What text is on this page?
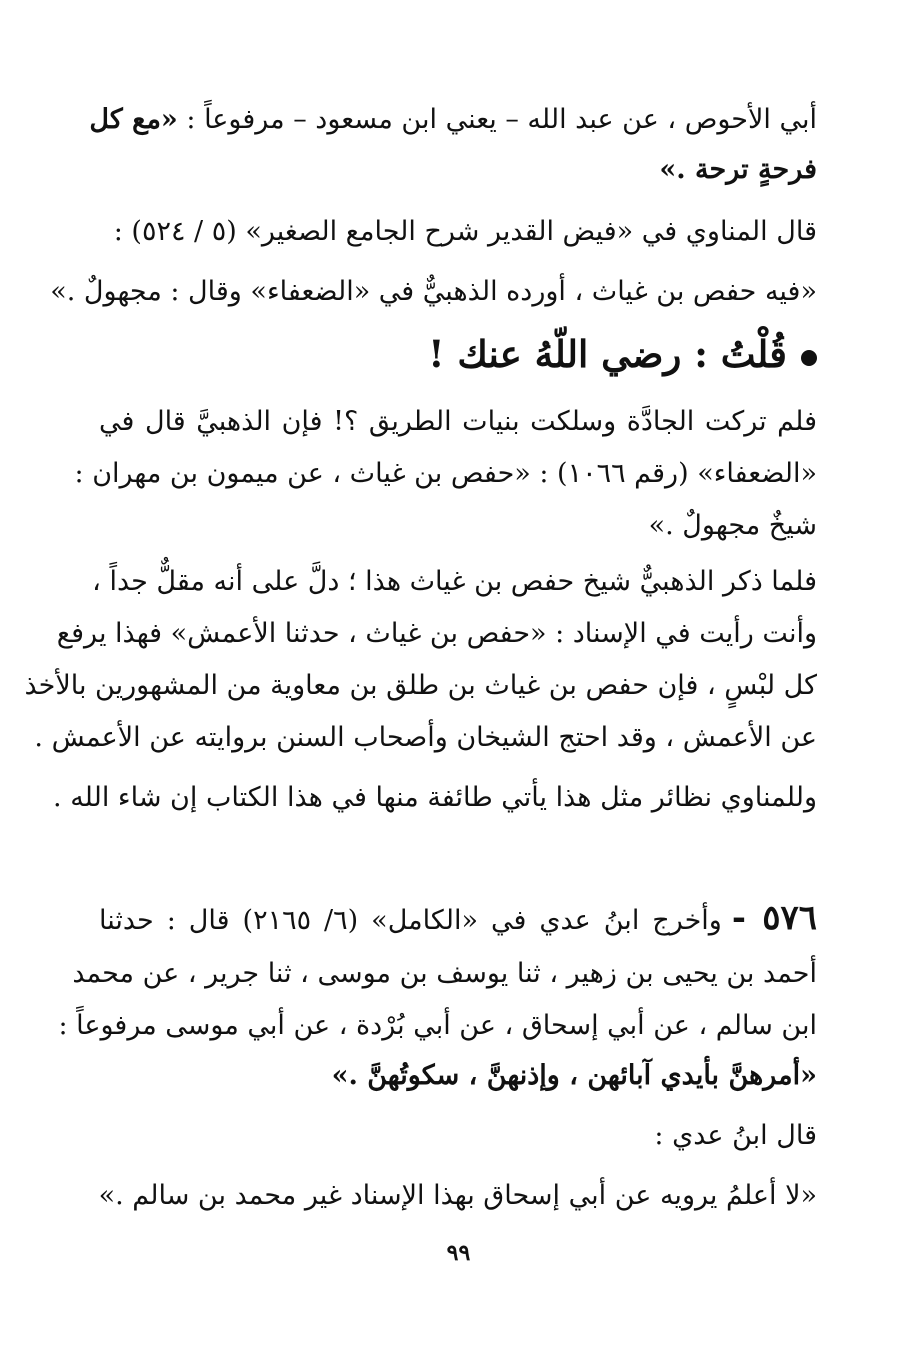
أبي الأحوص ، عن عبد الله – يعني ابن مسعود – مرفوعاً : «مع كل
فرحةٍ ترحة .»
قال المناوي في «فيض القدير شرح الجامع الصغير» (٥ / ٥٢٤) :
«فيه حفص بن غياث ، أورده الذهبيٌّ في «الضعفاء» وقال : مجهولٌ .»
قُلْتُ : رضي اللّهُ عنك !
فلم تركت الجادَّة وسلكت بنيات الطريق ؟! فإن الذهبيَّ قال في
«الضعفاء» (رقم ١٠٦٦) : «حفص بن غياث ، عن ميمون بن مهران :
شيخٌ مجهولٌ .»
فلما ذكر الذهبيٌّ شيخ حفص بن غياث هذا ؛ دلَّ على أنه مقلٌّ جداً ،
وأنت رأيت في الإسناد : «حفص بن غياث ، حدثنا الأعمش» فهذا يرفع
كل لبْسٍ ، فإن حفص بن غياث بن طلق بن معاوية من المشهورين بالأخذ
عن الأعمش ، وقد احتج الشيخان وأصحاب السنن بروايته عن الأعمش .
وللمناوي نظائر مثل هذا يأتي طائفة منها في هذا الكتاب إن شاء الله .
٥٧٦ -وأخرج ابنُ عدي في «الكامل» (٦/ ٢١٦٥) قال : حدثنا
أحمد بن يحيى بن زهير ، ثنا يوسف بن موسى ، ثنا جرير ، عن محمد
ابن سالم ، عن أبي إسحاق ، عن أبي بُرْدة ، عن أبي موسى مرفوعاً :
«أمرهنَّ بأيدي آبائهن ، وإذنهنَّ ، سكوتُهنَّ .»
قال ابنُ عدي :
«لا أعلمُ يرويه عن أبي إسحاق بهذا الإسناد غير محمد بن سالم .»
٩٩
